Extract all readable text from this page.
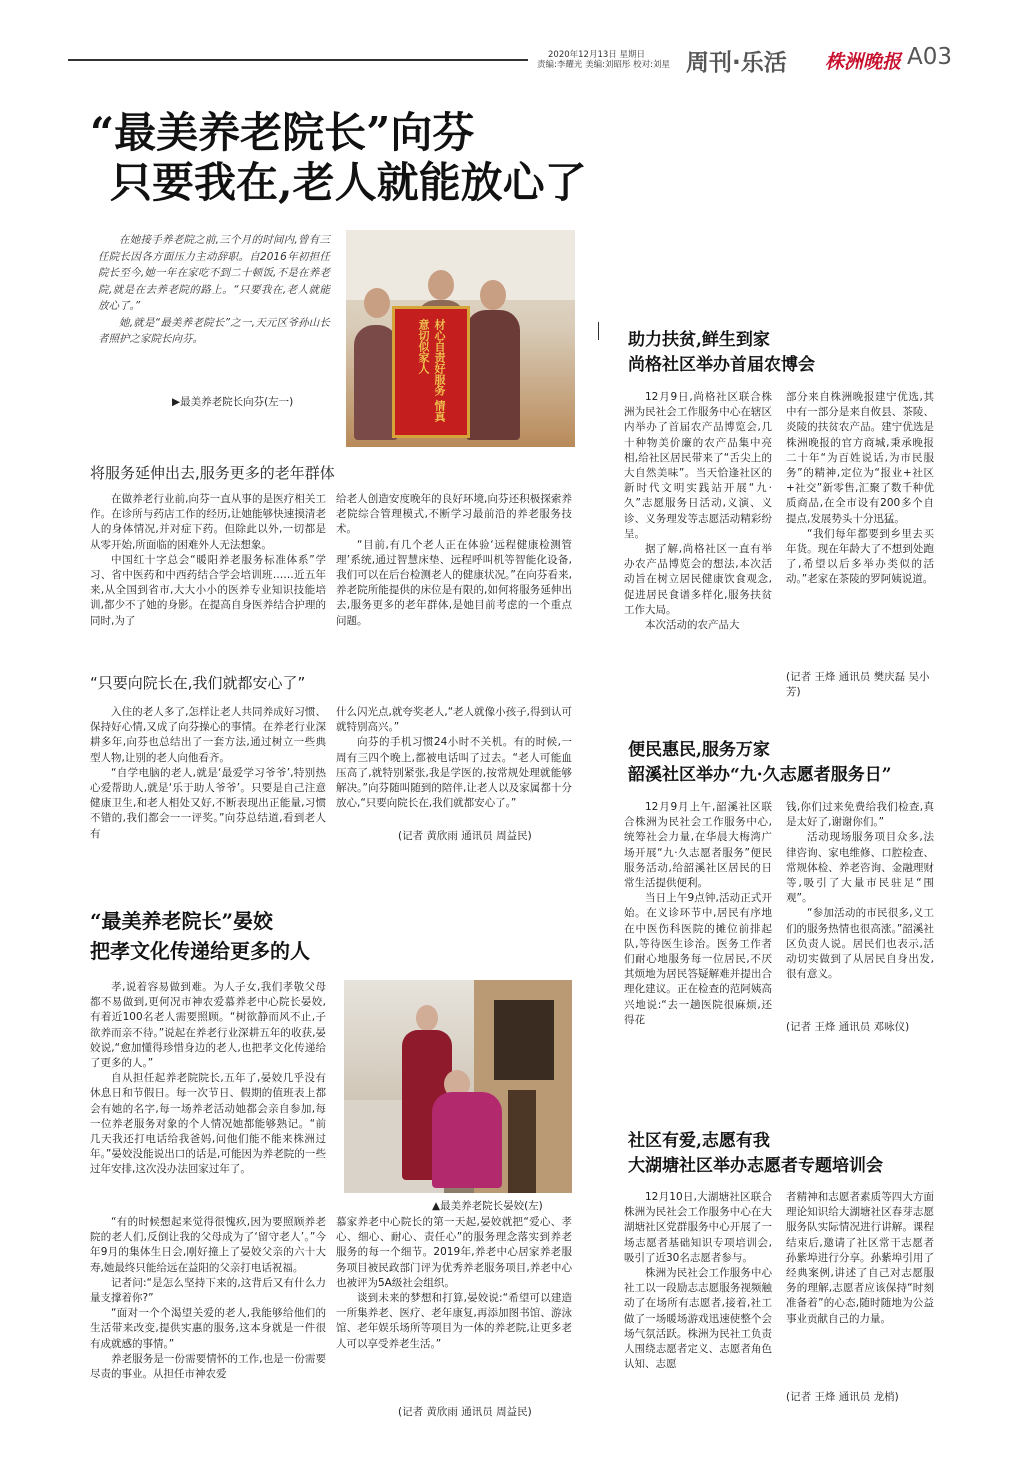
2020年12月13日 星期日
责编:李耀光 美编:刘昭彤 校对:刘星 周刊·乐活 株洲晚报 A03
“最美养老院长”向芬
只要我在,老人就能放心了

在她接手养老院之前,三个月的时间内,曾有三任院长因各方面压力主动辞职。自2016年初担任院长至今,她一年在家吃不到二十顿饭,不是在养老院,就是在去养老院的路上。“只要我在,老人就能放心了。”

她,就是“最美养老院长”之一,天元区爷孙山长者照护之家院长向芬。	材心自责好服务 情真意切似家人
▶最美养老院长向芬(左一)
将服务延伸出去,服务更多的老年群体

在做养老行业前,向芬一直从事的是医疗相关工作。在诊所与药店工作的经历,让她能够快速摸清老人的身体情况,并对症下药。但除此以外,一切都是从零开始,所面临的困难外人无法想象。

中国红十字总会“暖阳养老服务标准体系”学习、省中医药和中西药结合学会培训班……近五年来,从全国到省市,大大小小的医养专业知识技能培训,都少不了她的身影。在提高自身医养结合护理的同时,为了

给老人创造安度晚年的良好环境,向芬还积极探索养老院综合管理模式,不断学习最前沿的养老服务技术。

“目前,有几个老人正在体验‘远程健康检测管理’系统,通过智慧床垫、远程呼叫机等智能化设备,我们可以在后台检测老人的健康状况。”在向芬看来,养老院所能提供的床位是有限的,如何将服务延伸出去,服务更多的老年群体,是她目前考虑的一个重点问题。

“只要向院长在,我们就都安心了”

入住的老人多了,怎样让老人共同养成好习惯、保持好心情,又成了向芬操心的事情。在养老行业深耕多年,向芬也总结出了一套方法,通过树立一些典型人物,让别的老人向他看齐。

“自学电脑的老人,就是‘最爱学习爷爷’,特别热心爱帮助人,就是‘乐于助人爷爷’。只要是自己注意健康卫生,和老人相处又好,不断表现出正能量,习惯不错的,我们都会一一评奖。”向芬总结道,看到老人有

什么闪光点,就夸奖老人,“老人就像小孩子,得到认可就特别高兴。”

向芬的手机习惯24小时不关机。有的时候,一周有三四个晚上,都被电话叫了过去。“老人可能血压高了,就特别紧张,我是学医的,按常规处理就能够解决。”向芬随叫随到的陪伴,让老人以及家属都十分放心,“只要向院长在,我们就都安心了。”

(记者 黄欣雨 通讯员 周益民)
“最美养老院长”晏姣
把孝文化传递给更多的人

孝,说着容易做到难。为人子女,我们孝敬父母都不易做到,更何况市神农爱慕养老中心院长晏姣,有着近100名老人需要照顾。“树欲静而风不止,子欲养而亲不待。”说起在养老行业深耕五年的收获,晏姣说,“愈加懂得珍惜身边的老人,也把孝文化传递给了更多的人。”

自从担任起养老院院长,五年了,晏姣几乎没有休息日和节假日。每一次节日、假期的值班表上都会有她的名字,每一场养老活动她都会亲自参加,每一位养老服务对象的个人情况她都能够熟记。“前几天我还打电话给我爸妈,问他们能不能来株洲过年。”晏姣没能说出口的话是,可能因为养老院的一些过年安排,这次没办法回家过年了。

▲最美养老院长晏姣(左)

“有的时候想起来觉得很愧疚,因为要照顾养老院的老人们,反倒让我的父母成为了‘留守老人’。”今年9月的集体生日会,刚好撞上了晏姣父亲的六十大寿,她最终只能给远在益阳的父亲打电话祝福。

记者问:“是怎么坚持下来的,这背后又有什么力量支撑着你?”

“面对一个个渴望关爱的老人,我能够给他们的生活带来改变,提供实惠的服务,这本身就是一件很有成就感的事情。”

养老服务是一份需要情怀的工作,也是一份需要尽责的事业。从担任市神农爱

慕家养老中心院长的第一天起,晏姣就把“爱心、孝心、细心、耐心、责任心”的服务理念落实到养老服务的每一个细节。2019年,养老中心居家养老服务项目被民政部门评为优秀养老服务项目,养老中心也被评为5A级社会组织。

谈到未来的梦想和打算,晏姣说:“希望可以建造一所集养老、医疗、老年康复,再添加图书馆、游泳馆、老年娱乐场所等项目为一体的养老院,让更多老人可以享受养老生活。”

(记者 黄欣雨 通讯员 周益民)
助力扶贫,鲜生到家
尚格社区举办首届农博会

12月9日,尚格社区联合株洲为民社会工作服务中心在辖区内举办了首届农产品博览会,几十种物美价廉的农产品集中亮相,给社区居民带来了“舌尖上的大自然美味”。当天恰逢社区的新时代文明实践站开展“九·久”志愿服务日活动,义演、义诊、义务理发等志愿活动精彩纷呈。

据了解,尚格社区一直有举办农产品博览会的想法,本次活动旨在树立居民健康饮食观念,促进居民食谱多样化,服务扶贫工作大局。

本次活动的农产品大

部分来自株洲晚报建宁优选,其中有一部分是来自攸县、茶陵、炎陵的扶贫农产品。建宁优选是株洲晚报的官方商城,秉承晚报二十年“为百姓说话,为市民服务”的精神,定位为“报业+社区+社交”新零售,汇聚了数千种优质商品,在全市设有200多个自提点,发展势头十分迅猛。

“我们每年都要到乡里去买年货。现在年龄大了不想到处跑了,希望以后多举办类似的活动。”老家在茶陵的罗阿姨说道。

(记者 王烽 通讯员 樊庆磊 吴小芳)
便民惠民,服务万家
韶溪社区举办“九·久志愿者服务日”

12月9月上午,韶溪社区联合株洲为民社会工作服务中心,统筹社会力量,在华晨大梅湾广场开展“九·久志愿者服务”便民服务活动,给韶溪社区居民的日常生活提供便利。

当日上午9点钟,活动正式开始。在义诊环节中,居民有序地在中医伤科医院的摊位前排起队,等待医生诊治。医务工作者们耐心地服务每一位居民,不厌其烦地为居民答疑解难并提出合理化建议。正在检查的范阿姨高兴地说:“去一趟医院很麻烦,还得花

钱,你们过来免费给我们检查,真是太好了,谢谢你们。”

活动现场服务项目众多,法律咨询、家电维修、口腔检查、常规体检、养老咨询、金融理财等,吸引了大量市民驻足“围观”。

“参加活动的市民很多,义工们的服务热情也很高涨。”韶溪社区负责人说。居民们也表示,活动切实做到了从居民自身出发,很有意义。

(记者 王烽 通讯员 邓咏仪)
社区有爱,志愿有我
大湖塘社区举办志愿者专题培训会

12月10日,大湖塘社区联合株洲为民社会工作服务中心在大湖塘社区党群服务中心开展了一场志愿者基础知识专项培训会,吸引了近30名志愿者参与。

株洲为民社会工作服务中心社工以一段励志志愿服务视频触动了在场所有志愿者,接着,社工做了一场暖场游戏迅速使整个会场气氛活跃。株洲为民社工负责人围绕志愿者定义、志愿者角色认知、志愿

者精神和志愿者素质等四大方面理论知识给大湖塘社区春芽志愿服务队实际情况进行讲解。课程结束后,邀请了社区常干志愿者孙紫埠进行分享。孙紫埠引用了经典案例,讲述了自己对志愿服务的理解,志愿者应该保持“时刻准备着”的心态,随时随地为公益事业贡献自己的力量。

(记者 王烽 通讯员 龙梢)
